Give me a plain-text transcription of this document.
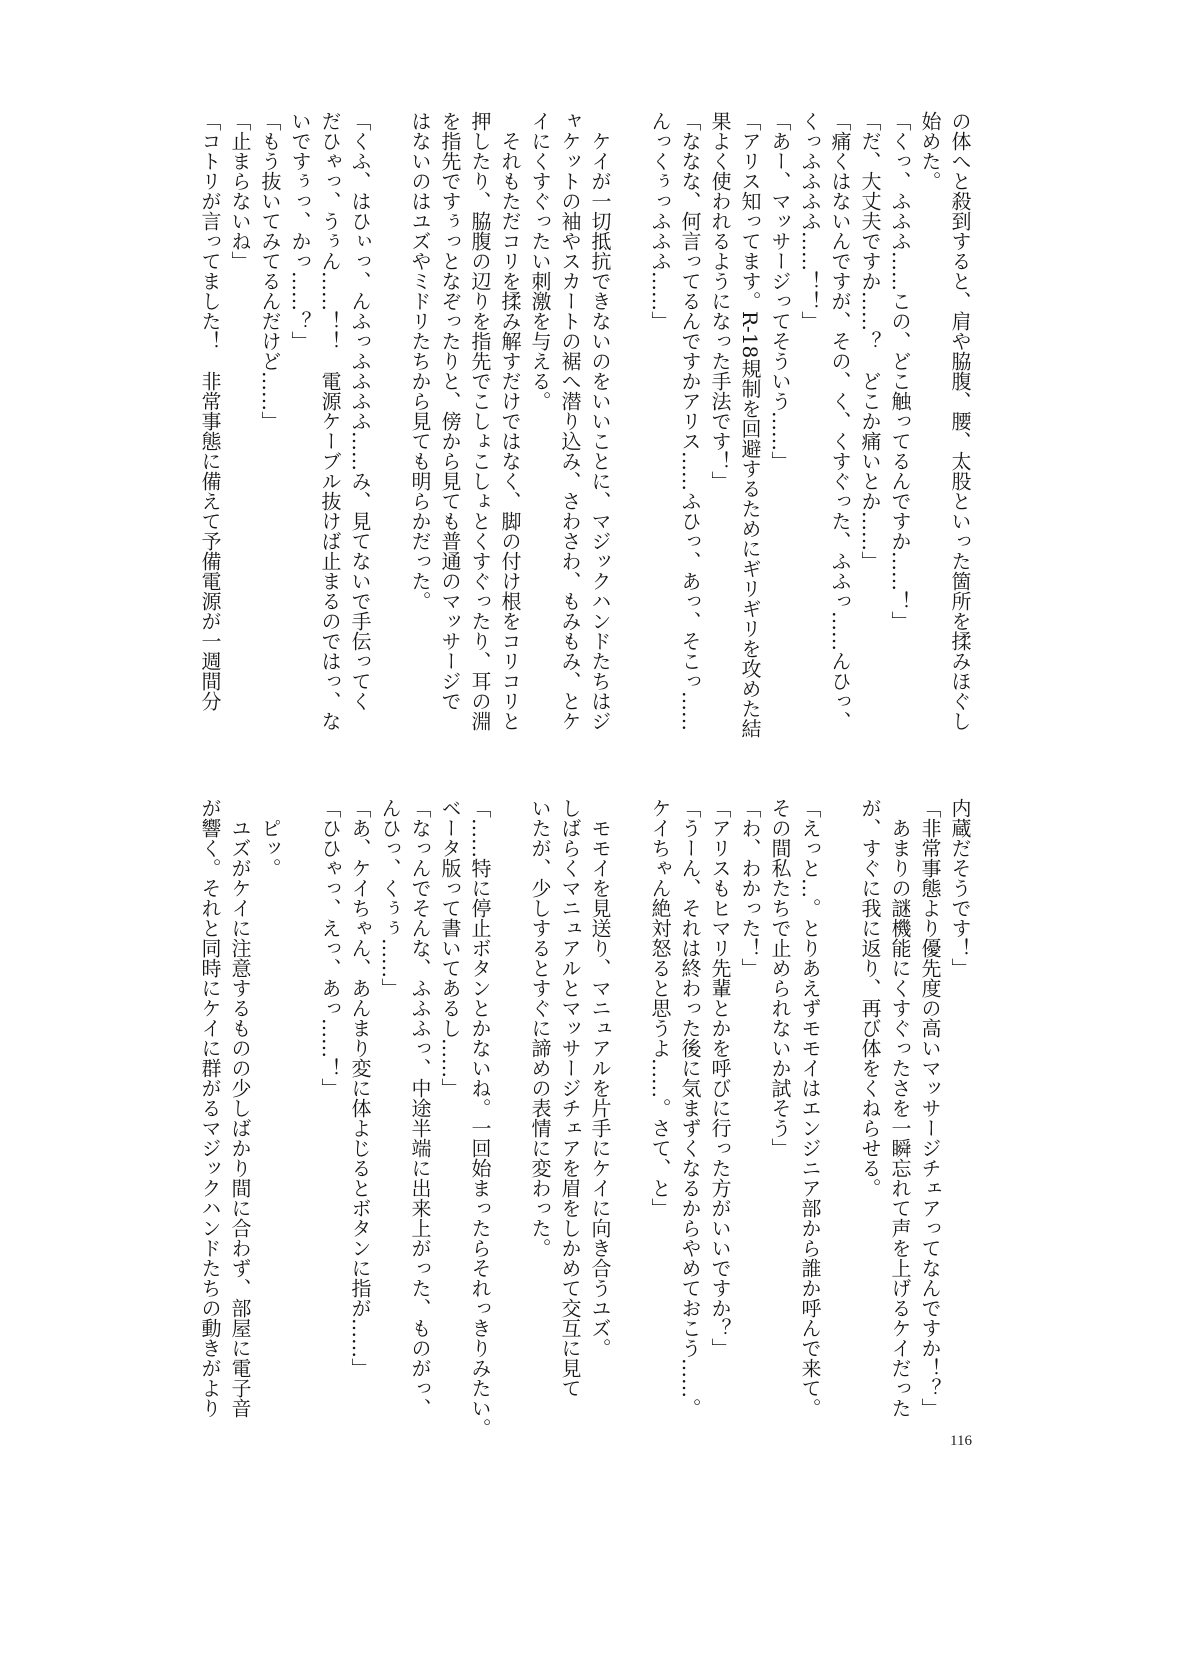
の体へと殺到すると、肩や脇腹、腰、太股といった箇所を揉みほぐし

始めた。

「くっ、ふふふ……この、どこ触ってるんですか……！」

「だ、大丈夫ですか……？　どこか痛いとか……」

「痛くはないんですが、その、く、くすぐった、ふふっ……んひっ、

くっふふふふ……！！」

「あー、マッサージってそういう……」

「アリス知ってます。R-18規制を回避するためにギリギリを攻めた結

果よく使われるようになった手法です！」

「ななな、何言ってるんですかアリス……ふひっ、あっ、そこっ……

んっくぅっふふふ……」

ケイが一切抵抗できないのをいいことに、マジックハンドたちはジ

ャケットの袖やスカートの裾へ潜り込み、さわさわ、もみもみ、とケ

イにくすぐったい刺激を与える。

それもただコリを揉み解すだけではなく、脚の付け根をコリコリと

押したり、脇腹の辺りを指先でこしょこしょとくすぐったり、耳の淵

を指先ですぅっとなぞったりと、傍から見ても普通のマッサージで

はないのはユズやミドリたちから見ても明らかだった。

「くふ、はひぃっ、んふっふふふふ……み、見てないで手伝ってく

だひゃっ、うぅん……！！　電源ケーブル抜けば止まるのではっ、な

いですぅっ、かっ……？」

「もう抜いてみてるんだけど……」

「止まらないね」

「コトリが言ってました！　非常事態に備えて予備電源が一週間分

内蔵だそうです！」

「非常事態より優先度の高いマッサージチェアってなんですか！？」

あまりの謎機能にくすぐったさを一瞬忘れて声を上げるケイだった

が、すぐに我に返り、再び体をくねらせる。

「えっと…。とりあえずモモイはエンジニア部から誰か呼んで来て。

その間私たちで止められないか試そう」

「わ、わかった！」

「アリスもヒマリ先輩とかを呼びに行った方がいいですか？」

「うーん、それは終わった後に気まずくなるからやめておこう……。

ケイちゃん絶対怒ると思うよ……。さて、と」

モモイを見送り、マニュアルを片手にケイに向き合うユズ。

しばらくマニュアルとマッサージチェアを眉をしかめて交互に見て

いたが、少しするとすぐに諦めの表情に変わった。

「……特に停止ボタンとかないね。一回始まったらそれっきりみたい。

ベータ版って書いてあるし……」

「なっんでそんな、ふふふっ、中途半端に出来上がった、ものがっ、

んひっ、くぅぅ……」

「あ、ケイちゃん、あんまり変に体よじるとボタンに指が……」

「ひひゃっ、えっ、あっ……！」

ピッ。

ユズがケイに注意するものの少しばかり間に合わず、部屋に電子音

が響く。それと同時にケイに群がるマジックハンドたちの動きがより

116
